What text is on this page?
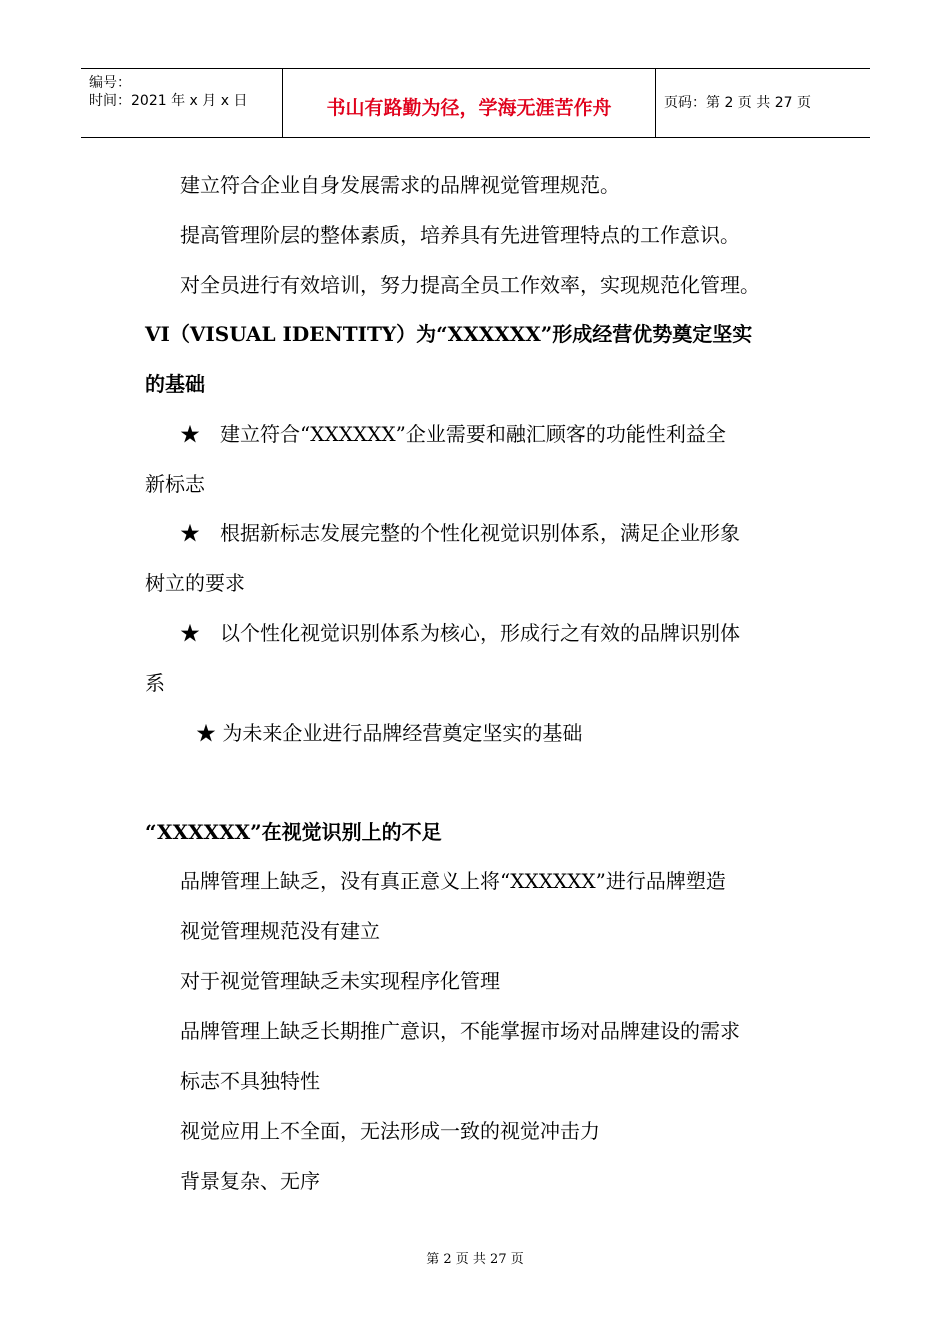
编号：
时间：2021 年 x 月 x 日	书山有路勤为径，学海无涯苦作舟	页码：第 2 页 共 27 页
建立符合企业自身发展需求的品牌视觉管理规范。
提高管理阶层的整体素质，培养具有先进管理特点的工作意识。
对全员进行有效培训，努力提高全员工作效率，实现规范化管理。
VI（VISUAL IDENTITY）为“XXXXXX”形成经营优势奠定坚实
的基础
★　建立符合“XXXXXX”企业需要和融汇顾客的功能性利益全
新标志
★　根据新标志发展完整的个性化视觉识别体系，满足企业形象
树立的要求
★　以个性化视觉识别体系为核心，形成行之有效的品牌识别体
系
★ 为未来企业进行品牌经营奠定坚实的基础
“XXXXXX”在视觉识别上的不足
品牌管理上缺乏，没有真正意义上将“XXXXXX”进行品牌塑造
视觉管理规范没有建立
对于视觉管理缺乏未实现程序化管理
品牌管理上缺乏长期推广意识，不能掌握市场对品牌建设的需求
标志不具独特性
视觉应用上不全面，无法形成一致的视觉冲击力
背景复杂、无序
第 2 页 共 27 页
